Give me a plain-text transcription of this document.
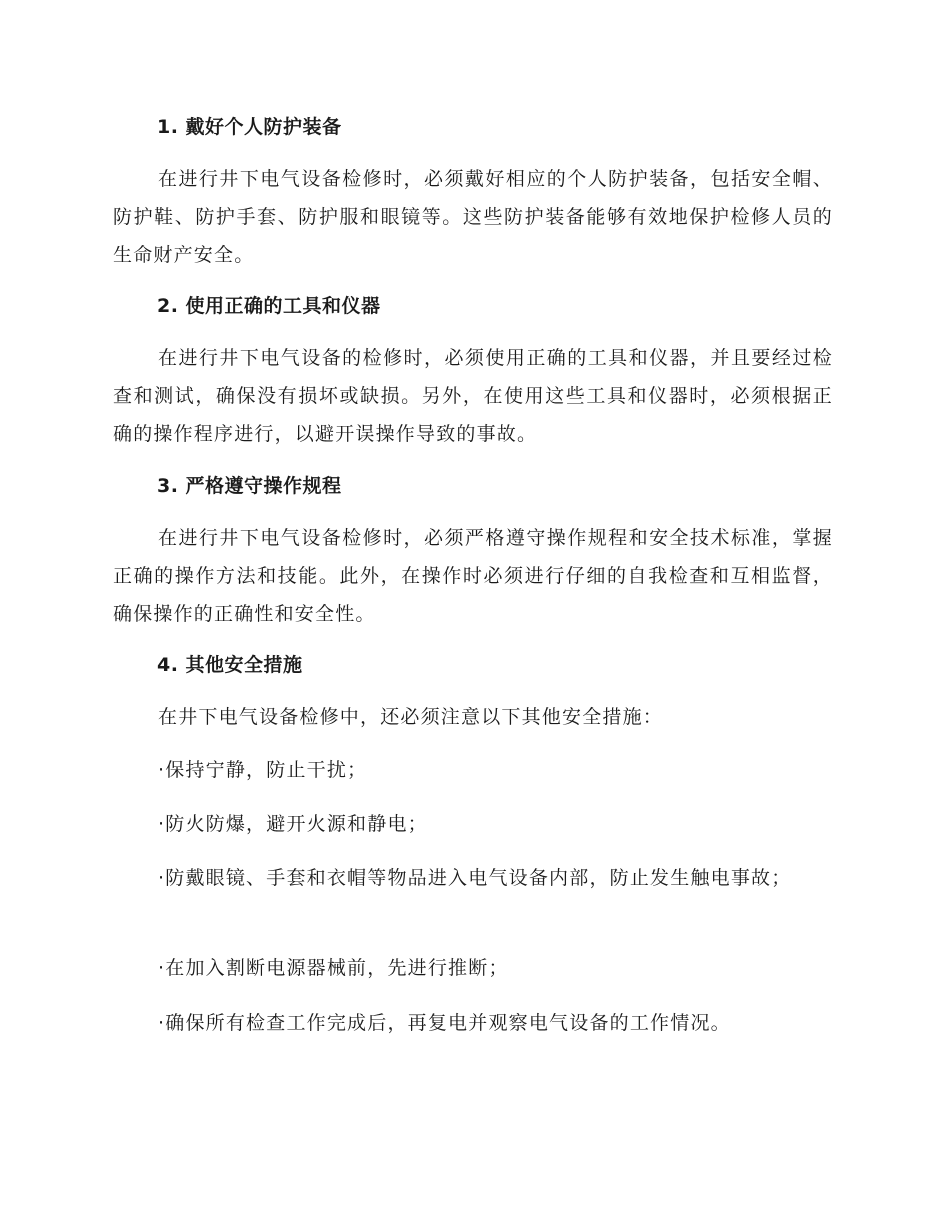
1. 戴好个人防护装备

在进行井下电气设备检修时，必须戴好相应的个人防护装备，包括安全帽、防护鞋、防护手套、防护服和眼镜等。这些防护装备能够有效地保护检修人员的生命财产安全。

2. 使用正确的工具和仪器

在进行井下电气设备的检修时，必须使用正确的工具和仪器，并且要经过检查和测试，确保没有损坏或缺损。另外，在使用这些工具和仪器时，必须根据正确的操作程序进行，以避开误操作导致的事故。

3. 严格遵守操作规程

在进行井下电气设备检修时，必须严格遵守操作规程和安全技术标准，掌握正确的操作方法和技能。此外，在操作时必须进行仔细的自我检查和互相监督，确保操作的正确性和安全性。

4. 其他安全措施

在井下电气设备检修中，还必须注意以下其他安全措施：

·保持宁静，防止干扰；

·防火防爆，避开火源和静电；

·防戴眼镜、手套和衣帽等物品进入电气设备内部，防止发生触电事故；

·在加入割断电源器械前，先进行推断；

·确保所有检查工作完成后，再复电并观察电气设备的工作情况。
